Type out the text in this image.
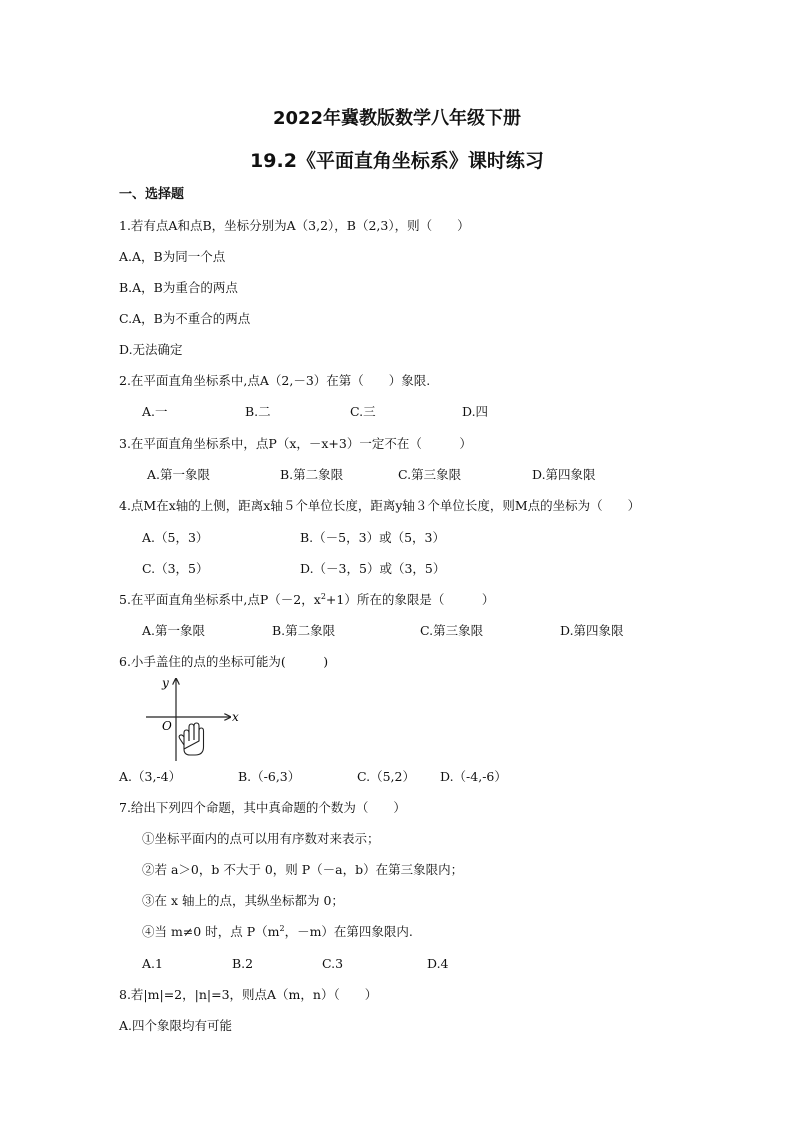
2022年冀教版数学八年级下册
19.2《平面直角坐标系》课时练习
一、选择题
1.若有点A和点B，坐标分别为A（3,2），B（2,3），则（　　）
A.A，B为同一个点
B.A，B为重合的两点
C.A，B为不重合的两点
D.无法确定
2.在平面直角坐标系中,点A（2,－3）在第（　　）象限.
A.一	B.二	C.三	D.四
3.在平面直角坐标系中，点P（x，－x+3）一定不在（　　　）
A.第一象限	B.第二象限	C.第三象限	D.第四象限
4.点M在x轴的上侧，距离x轴５个单位长度，距离y轴３个单位长度，则M点的坐标为（　　）
A.（5，3）	B.（－5，3）或（5，3）
C.（3，5）	D.（－3，5）或（3，5）
5.在平面直角坐标系中,点P（－2，$x^2+1$）所在的象限是（　　　）
A.第一象限	B.第二象限	C.第三象限	D.第四象限
6.小手盖住的点的坐标可能为(　　　)
y
x
O
A.（3,-4）	B.（-6,3）	C.（5,2） D.（-4,-6）
7.给出下列四个命题，其中真命题的个数为（　　）
①坐标平面内的点可以用有序数对来表示；
②若 a＞0，b 不大于 0，则 P（－a，b）在第三象限内；
③在 x 轴上的点，其纵坐标都为 0；
④当 m≠0 时，点 $P(m^2$，－m）在第四象限内.
A.1	B.2	C.3	D.4
8.若|m|=2，|n|=3，则点A（m，n）（　　）
A.四个象限均有可能
